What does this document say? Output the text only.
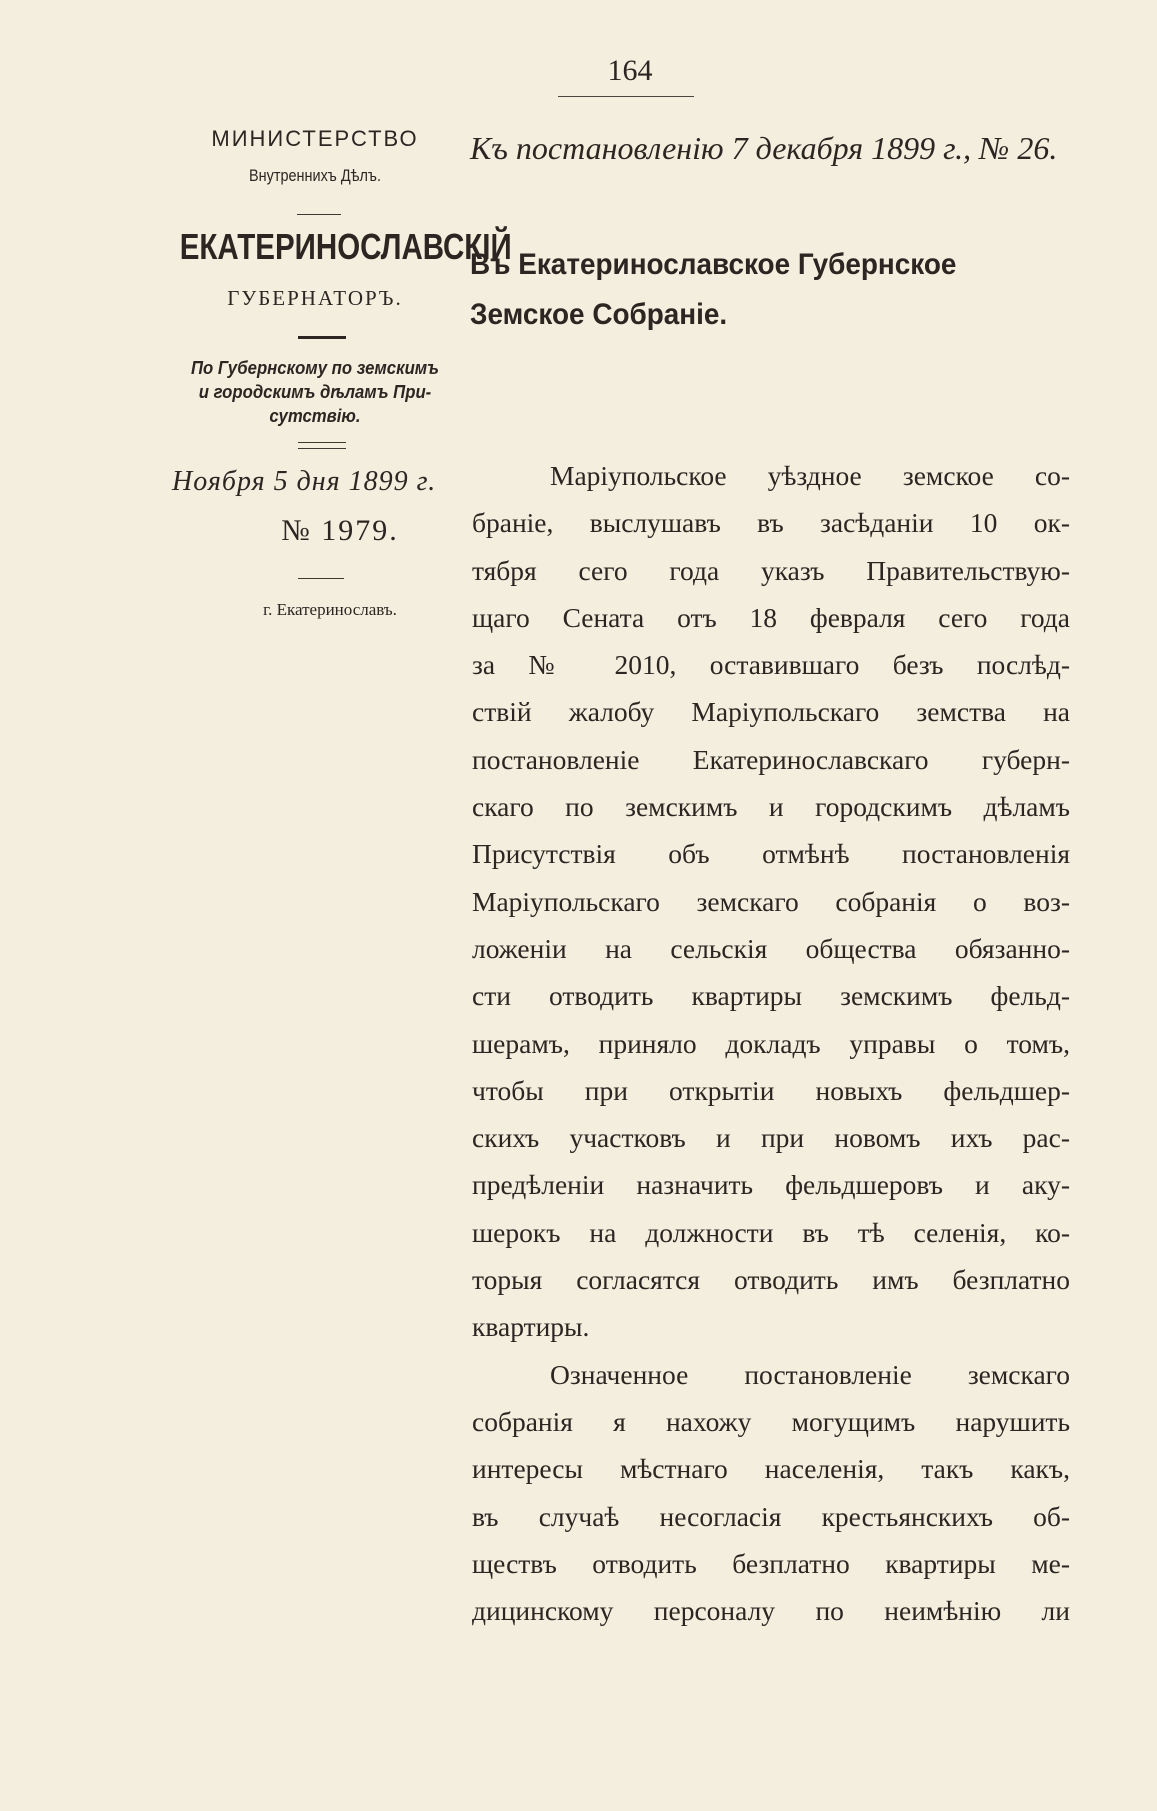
164
МИНИСТЕРСТВО
Внутреннихъ Дѣлъ.
ЕКАТЕРИНОСЛАВСКІЙ
ГУБЕРНАТОРЪ.
По Губернскому по земскимъ
и городскимъ дѣламъ При-
сутствію.
Ноября 5 дня 1899 г.
№ 1979.
г. Екатеринославъ.
Къ постановленію 7 декабря 1899 г., № 26.
Въ Екатеринославское Губернское
Земское Собраніе.
Маріупольское уѣздное земское со-
браніе, выслушавъ въ засѣданіи 10 ок-
тября сего года указъ Правительствую-
щаго Сената отъ 18 февраля сего года
за № 2010, оставившаго безъ послѣд-
ствій жалобу Маріупольскаго земства на
постановленіе Екатеринославскаго губерн-
скаго по земскимъ и городскимъ дѣламъ
Присутствія объ отмѣнѣ постановленія
Маріупольскаго земскаго собранія о воз-
ложеніи на сельскія общества обязанно-
сти отводить квартиры земскимъ фельд-
шерамъ, приняло докладъ управы о томъ,
чтобы при открытіи новыхъ фельдшер-
скихъ участковъ и при новомъ ихъ рас-
предѣленіи назначить фельдшеровъ и аку-
шерокъ на должности въ тѣ селенія, ко-
торыя согласятся отводить имъ безплатно
квартиры.
Означенное постановленіе земскаго
собранія я нахожу могущимъ нарушить
интересы мѣстнаго населенія, такъ какъ,
въ случаѣ несогласія крестьянскихъ об-
ществъ отводить безплатно квартиры ме-
дицинскому персоналу по неимѣнію ли
